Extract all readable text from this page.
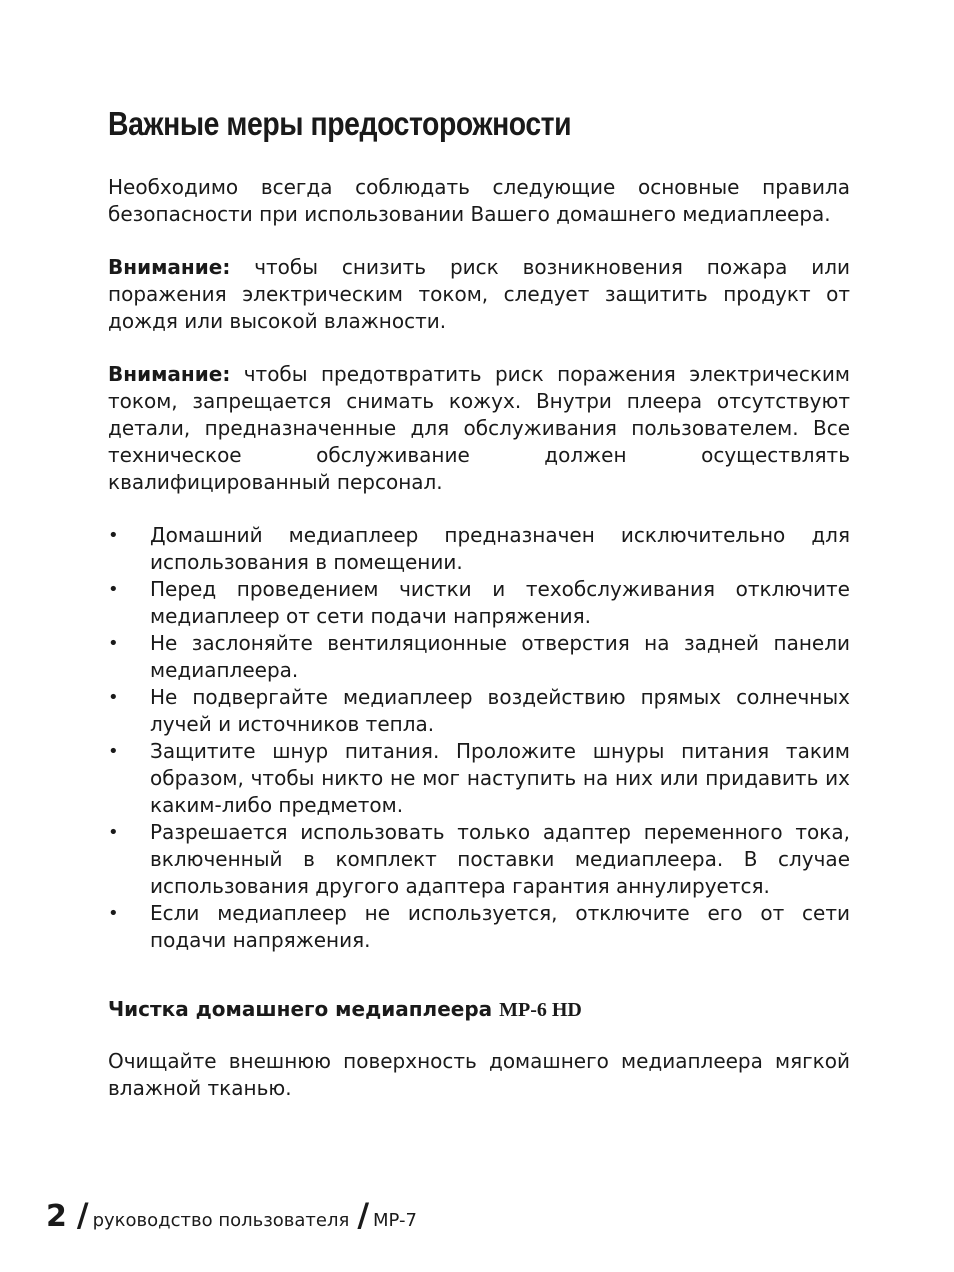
Важные меры предосторожности

Необходимо всегда соблюдать следующие основные правила безопасности при использовании Вашего домашнего медиаплеера.

Внимание: чтобы снизить риск возникновения пожара или поражения электрическим током, следует защитить продукт от дождя или высокой влажности.

Внимание: чтобы предотвратить риск поражения электрическим током, запрещается снимать кожух. Внутри плеера отсутствуют детали, предназначенные для обслуживания пользователем. Все техническое обслуживание должен осуществлять квалифицированный персонал.

• Домашний медиаплеер предназначен исключительно для использования в помещении.
• Перед проведением чистки и техобслуживания отключите медиаплеер от сети подачи напряжения.
• Не заслоняйте вентиляционные отверстия на задней панели медиаплеера.
• Не подвергайте медиаплеер воздействию прямых солнечных лучей и источников тепла.
• Защитите шнур питания. Проложите шнуры питания таким образом, чтобы никто не мог наступить на них или придавить их каким-либо предметом.
• Разрешается использовать только адаптер переменного тока, включенный в комплект поставки медиаплеера. В случае использования другого адаптера гарантия аннулируется.
• Если медиаплеер не используется, отключите его от сети подачи напряжения.
Чистка домашнего медиаплеера MP-6 HD

Очищайте внешнюю поверхность домашнего медиаплеера мягкой влажной тканью.

2 / руководство пользователя / MP-7
